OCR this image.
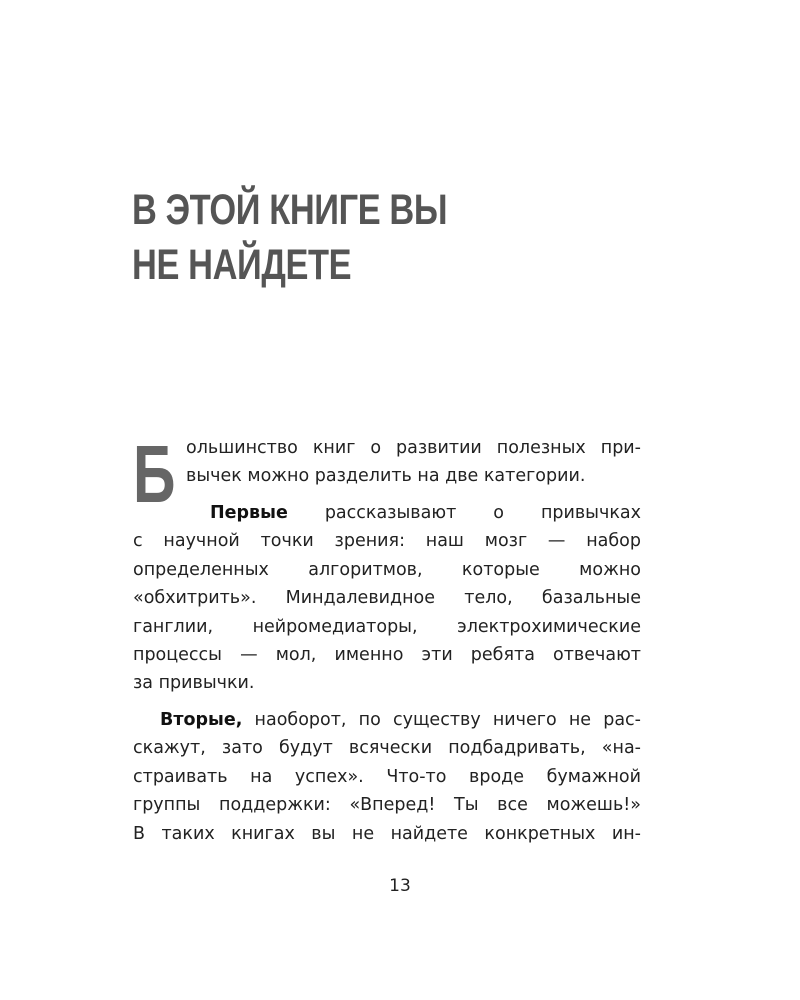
В ЭТОЙ КНИГЕ ВЫ
НЕ НАЙДЕТЕ
Б ольшинство книг о развитии полезных при-
вычек можно разделить на две категории.
Первые рассказывают о привычках
с научной точки зрения: наш мозг — набор
определенных алгоритмов, которые можно
«обхитрить». Миндалевидное тело, базальные
ганглии, нейромедиаторы, электрохимические
процессы — мол, именно эти ребята отвечают
за привычки.
Вторые, наоборот, по существу ничего не рас-
скажут, зато будут всячески подбадривать, «на-
страивать на успех». Что-то вроде бумажной
группы поддержки: «Вперед! Ты все можешь!»
В таких книгах вы не найдете конкретных ин-
13
